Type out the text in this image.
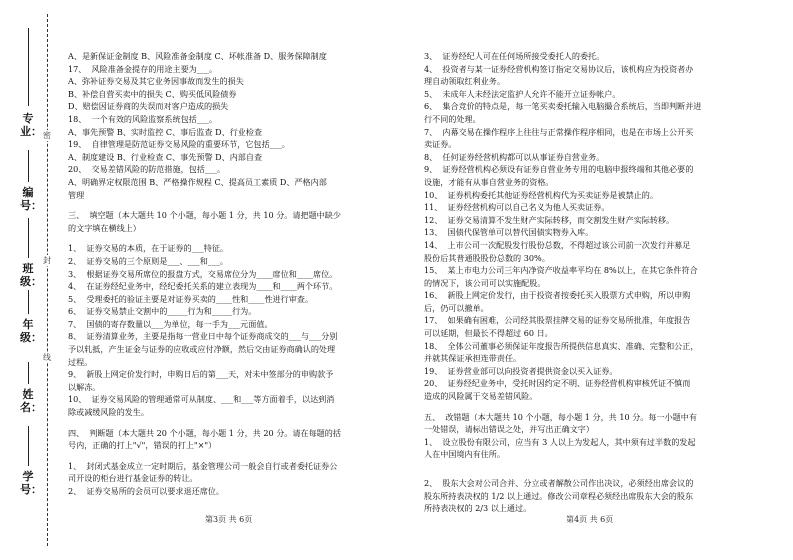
密
封
线
专业：
编号：
班级：
年级：
姓名：
学号：
A、是新保证金制度 B、风险准备金制度 C、坏帐准备 D、服务保障制度
17、  风险准备金提存的用途主要为___。
A、弥补证券交易及其它业务因事故而发生的损失
B、补偿自营买卖中的损失 C、购买低风险债券
D、赔偿因证券商的失误而对客户造成的损失
18、  一个有效的风险监察系统包括___。
A、事先预警 B、实时监控 C、事后监查 D、行业检查
19、  自律管理是防范证券交易风险的重要环节，它包括___。
A、制度建设 B、行业检查 C、事先预警 D、内部自查
20、  交易差错风险的防范措施，包括___。
A、明确界定权限范围 B、严格操作规程 C、提高员工素质 D、严格内部
管理
三、  填空题（本大题共 10 个小题，每小题 1 分，共 10 分。请把题中缺少
的文字填在横线上）
1、  证券交易的本质，在于证券的___特征。
2、  证券交易的三个原则是___、___和___。
3、  根据证券交易所席位的报盘方式，交易席位分为____席位和____席位。
4、  在证券经纪业务中，经纪委托关系的建立表现为____和____两个环节。
5、  受理委托的验证主要是对证券买卖的____性和____性进行审查。
6、  证券交易禁止交割中的_____行为和_____行为。
7、  国债的寄存数量以___为单位，每一手为___元面值。
8、  证券清算业务，主要是指每一营业日中每个证券商成交的___与___分别
予以轧抵，产生证金与证券的应收或应付净额，然后交由证券商确认的处理
过程。
9、  新股上网定价发行时，申购日后的第___天，对未中签部分的申购款予
以解冻。
10、  证券交易风险的管理通常可从制度、___和___等方面着手，以达到消
除或减缓风险的发生。
四、  判断题（本大题共 20 个小题，每小题 1 分，共 20 分。请在每题的括
号内，正确的打上"√"，错误的打上"×"）
1、  封闭式基金成立一定时期后，基金管理公司一般会自行或者委托证券公
司开设的柜台进行基金证券的转让。
2、  证券交易所的会员可以要求退还席位。
3、  证券经纪人可在任何场所接受委托人的委托。
4、  投资者与某一证券经营机构签订指定交易协议后，该机构应为投资者办
理自动领取红利业务。
5、  未成年人未经法定监护人允许不能开立证券帐户。
6、  集合竞价的特点是，每一笔买卖委托输入电脑撮合系统后，当即判断并进
行不同的处理。
7、  内幕交易在操作程序上往往与正常操作程序相同，也是在市场上公开买
卖证券。
8、  任何证券经营机构都可以从事证券自营业务。
9、  证券经营机构必须设有证券自营业务专用的电脑申报终端和其他必要的
设施，才能有从事自营业务的资格。
10、  证券机构委托其他证券经营机构代为买卖证券是被禁止的。
11、  证券经营机构可以自己名义为他人买卖证券。
12、  证券交易清算不发生财产实际转移，而交割发生财产实际转移。
13、  国债代保管单可以替代国债实物券入库。
14、  上市公司一次配股发行股份总数，不得超过该公司前一次发行并募足
股份后其普通股股份总数的 30%。
15、  某上市电力公司三年内净资产收益率平均在 8%以上，在其它条件符合
的情况下，该公司可以实施配股。
16、  新股上网定价发行，由于投资者按委托买入股票方式申购，所以申购
后，仍可以撤单。
17、  如果确有困难，公司经其股票挂牌交易的证券交易所批准，年度报告
可以延期，但最长不得超过 60 日。
18、  全体公司董事必须保证年度报告所提供信息真实、准确、完整和公正，
并就其保证承担连带责任。
19、  证券营业部可以向投资者提供资金以买入证券。
20、  证券经纪业务中，受托时因约定不明、证券经营机构审核凭证不慎而
造成的风险属于交易差错风险。
五、  改错题（本大题共 10 个小题，每小题 1 分，共 10 分。每一小题中有
一处错误，请标出错误之处，并写出正确文字）
1、  设立股份有限公司，应当有 3 人以上为发起人，其中须有过半数的发起
人在中国境内有住所。
2、  股东大会对公司合并、分立或者解散公司作出决议，必须经出席会议的
股东所持表决权的 1/2 以上通过。修改公司章程必须经出席股东大会的股东
所持表决权的 2/3 以上通过。
第3页 共 6页	第4页 共 6页
